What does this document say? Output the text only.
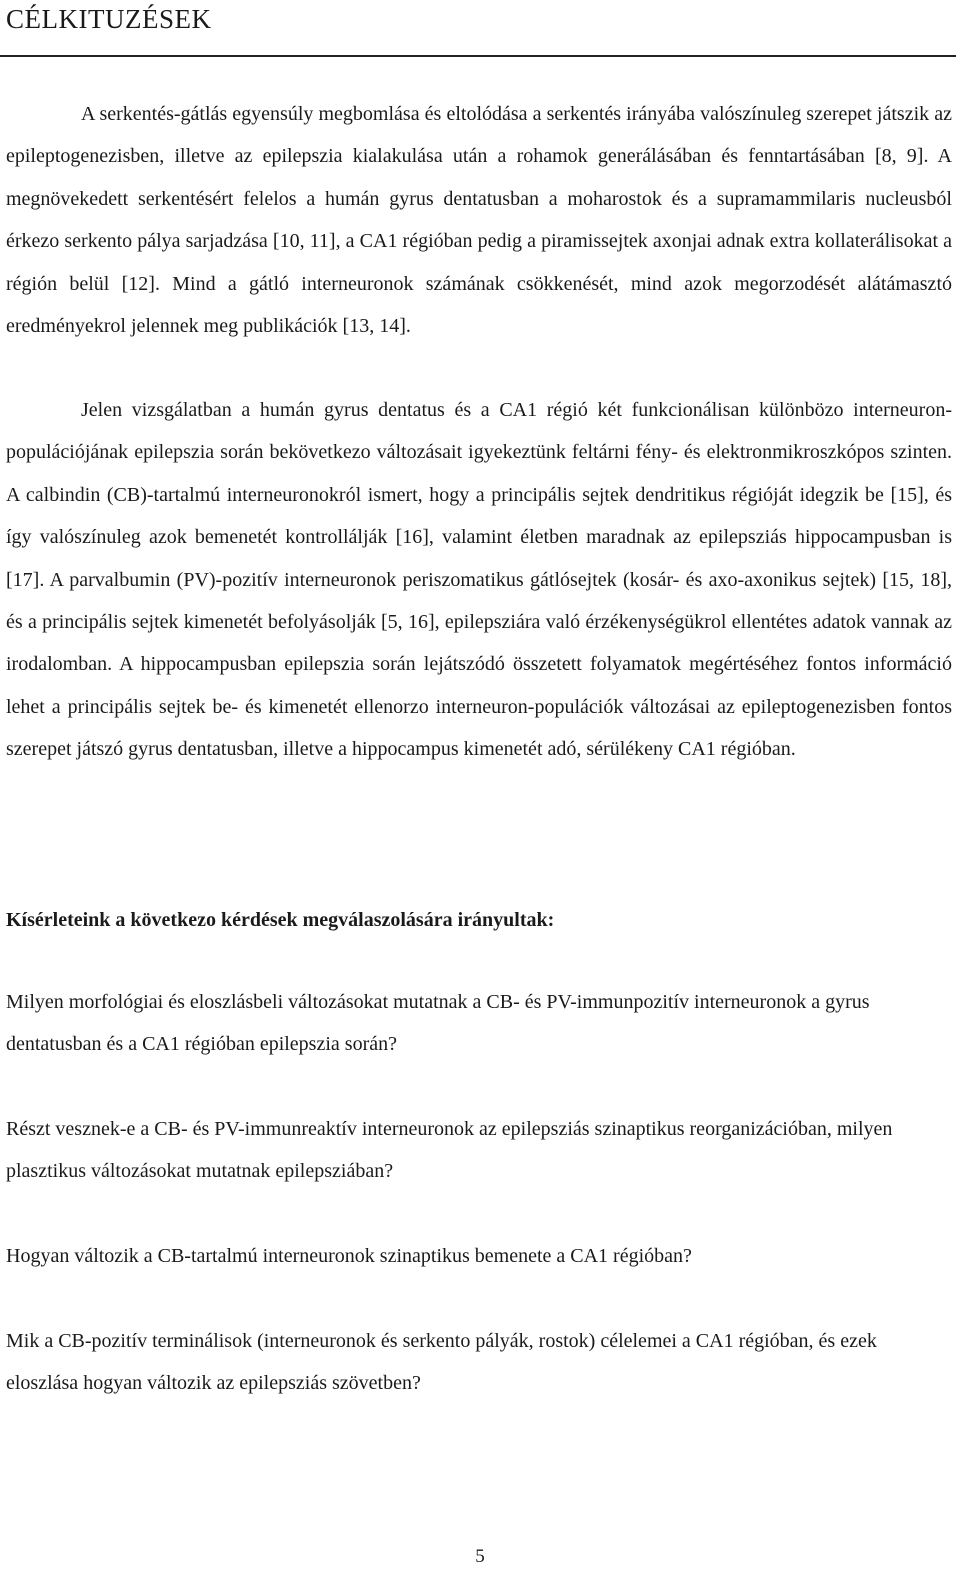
CÉLKITUZÉSEK

A serkentés-gátlás egyensúly megbomlása és eltolódása a serkentés irányába valószínuleg szerepet játszik az epileptogenezisben, illetve az epilepszia kialakulása után a rohamok generálásában és fenntartásában [8, 9]. A megnövekedett serkentésért felelos a humán gyrus dentatusban a moharostok és a supramammilaris nucleusból érkezo serkento pálya sarjadzása [10, 11], a CA1 régióban pedig a piramissejtek axonjai adnak extra kollaterálisokat a régión belül [12]. Mind a gátló interneuronok számának csökkenését, mind azok megorzodését alátámasztó eredményekrol jelennek meg publikációk [13, 14].

Jelen vizsgálatban a humán gyrus dentatus és a CA1 régió két funkcionálisan különbözo interneuron-populációjának epilepszia során bekövetkezo változásait igyekeztünk feltárni fény- és elektronmikroszkópos szinten. A calbindin (CB)-tartalmú interneuronokról ismert, hogy a principális sejtek dendritikus régióját idegzik be [15], és így valószínuleg azok bemenetét kontrollálják [16], valamint életben maradnak az epilepsziás hippocampusban is [17]. A parvalbumin (PV)-pozitív interneuronok periszomatikus gátlósejtek (kosár- és axo-axonikus sejtek) [15, 18], és a principális sejtek kimenetét befolyásolják [5, 16], epilepsziára való érzékenységükrol ellentétes adatok vannak az irodalomban. A hippocampusban epilepszia során lejátszódó összetett folyamatok megértéséhez fontos információ lehet a principális sejtek be- és kimenetét ellenorzo interneuron-populációk változásai az epileptogenezisben fontos szerepet játszó gyrus dentatusban, illetve a hippocampus kimenetét adó, sérülékeny CA1 régióban.

Kísérleteink a következo kérdések megválaszolására irányultak:

Milyen morfológiai és eloszlásbeli változásokat mutatnak a CB- és PV-immunpozitív interneuronok a gyrus dentatusban és a CA1 régióban epilepszia során?

Részt vesznek-e a CB- és PV-immunreaktív interneuronok az epilepsziás szinaptikus reorganizációban, milyen plasztikus változásokat mutatnak epilepsziában?

Hogyan változik a CB-tartalmú interneuronok szinaptikus bemenete a CA1 régióban?

Mik a CB-pozitív terminálisok (interneuronok és serkento pályák, rostok) célelemei a CA1 régióban, és ezek eloszlása hogyan változik az epilepsziás szövetben?

5
